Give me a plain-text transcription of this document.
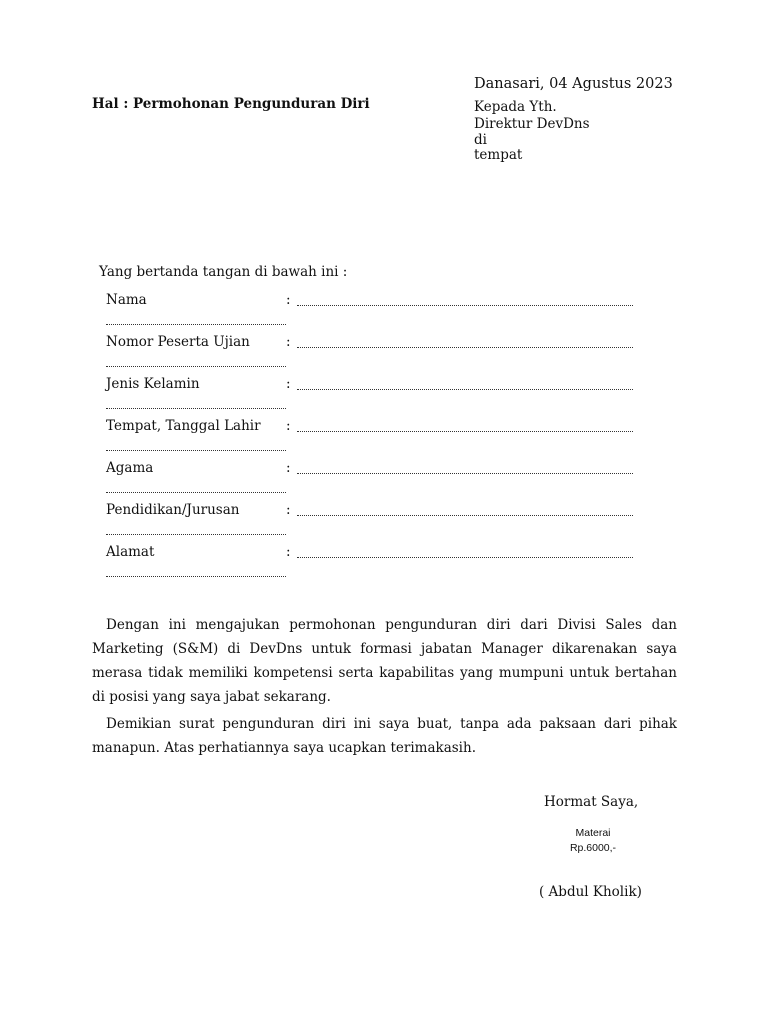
Danasari, 04 Agustus 2023
Hal : Permohonan Pengunduran Diri	Kepada Yth.
Direktur DevDns
di
tempat
Yang bertanda tangan di bawah ini :
Nama	:
Nomor Peserta Ujian	:
Jenis Kelamin	:
Tempat, Tanggal Lahir :
Agama	:
Pendidikan/Jurusan	:
Alamat	:
Dengan ini mengajukan permohonan pengunduran diri dari Divisi Sales dan Marketing (S&M) di DevDns untuk formasi jabatan Manager dikarenakan saya merasa tidak memiliki kompetensi serta kapabilitas yang mumpuni untuk bertahan di posisi yang saya jabat sekarang.
Demikian surat pengunduran diri ini saya buat, tanpa ada paksaan dari pihak manapun. Atas perhatiannya saya ucapkan terimakasih.
Hormat Saya,
Materai
Rp.6000,-
( Abdul Kholik)
